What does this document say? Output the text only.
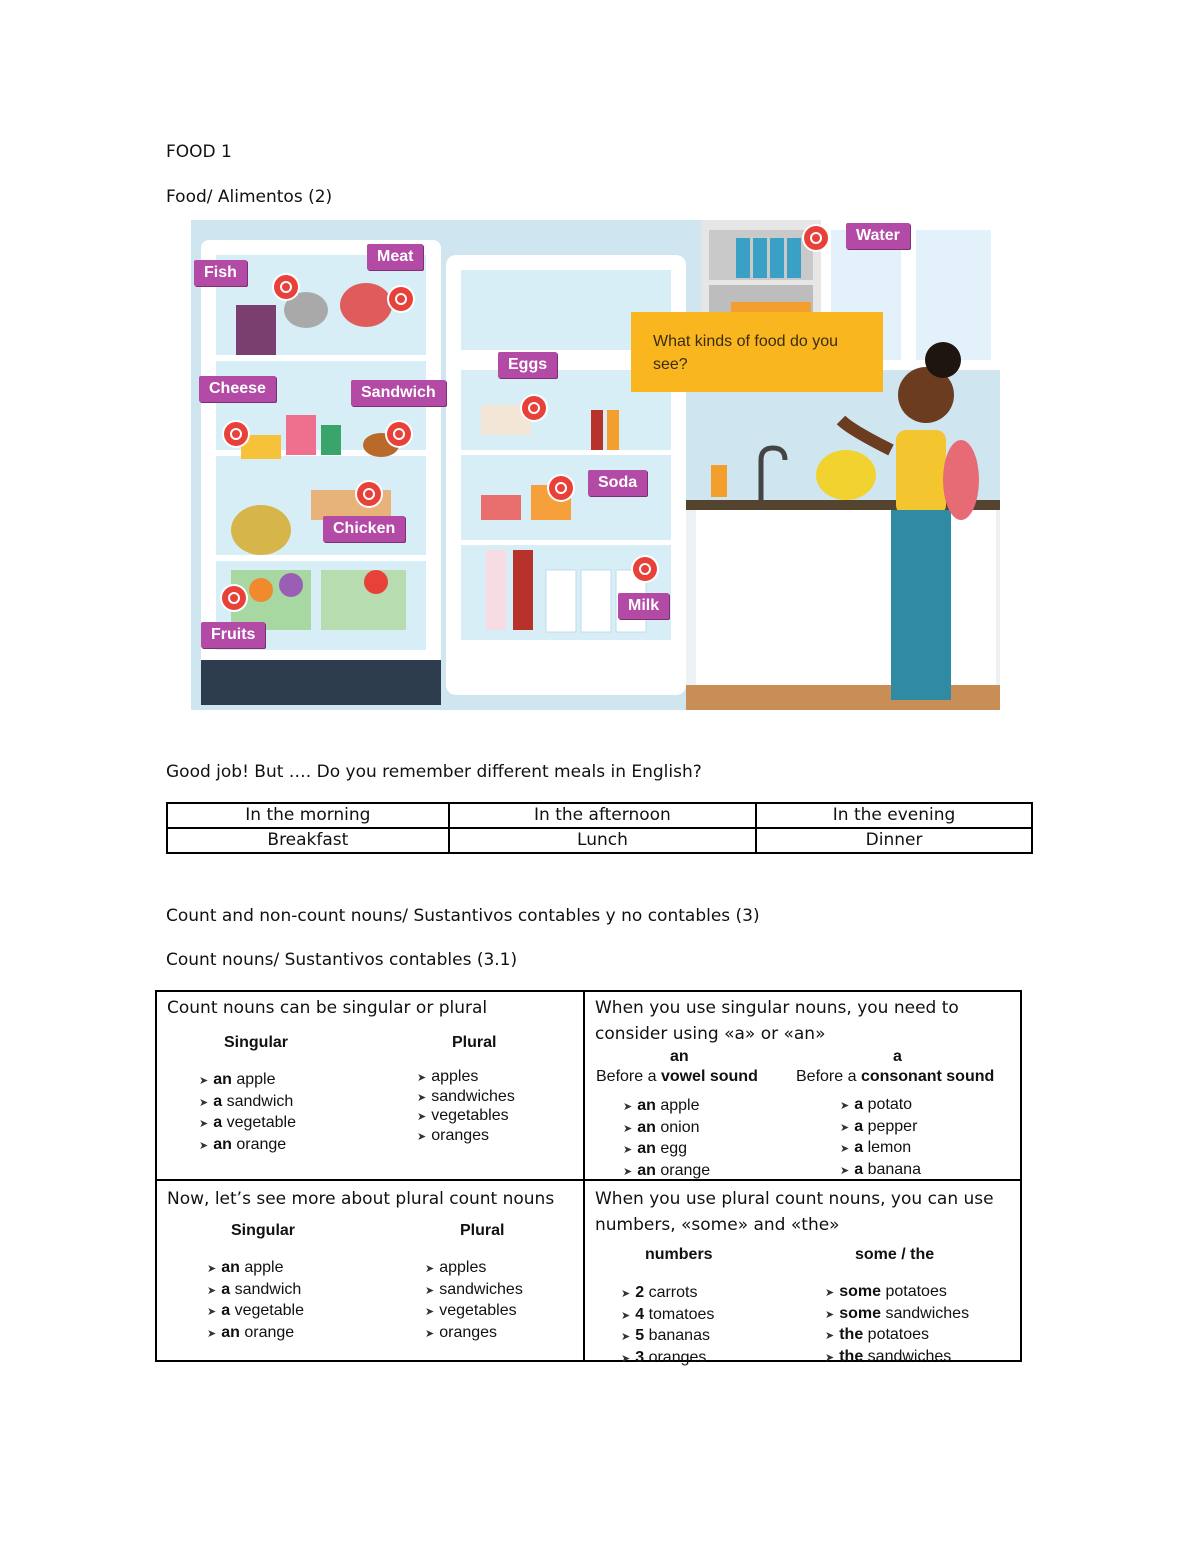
FOOD 1
Food/ Alimentos (2)
What kinds of food do you see?
Fish
Meat
Cheese	Sandwich
Eggs
Water
Soda
Chicken
Fruits
Milk
Good job! But …. Do you remember different meals in English?
In the morning	In the afternoon	In the evening
Breakfast	Lunch	Dinner
Count and non-count nouns/ Sustantivos contables y no contables (3)
Count nouns/ Sustantivos contables (3.1)
Count nouns can be singular or plural
Singular	Plural
➤ an apple
➤ a sandwich
➤ a vegetable
➤ an orange
➤ apples
➤ sandwiches
➤ vegetables
➤ oranges
When you use singular nouns, you need to consider using «a» or «an»
an	a
Before a vowel sound Before a consonant sound
➤ an apple
➤ an onion
➤ an egg
➤ an orange
➤ a potato
➤ a pepper
➤ a lemon
➤ a banana
Now, let’s see more about plural count nouns
Singular	Plural
➤ an apple
➤ a sandwich
➤ a vegetable
➤ an orange
➤ apples
➤ sandwiches
➤ vegetables
➤ oranges
When you use plural count nouns, you can use numbers, «some» and «the»
numbers	some / the
➤ 2 carrots
➤ 4 tomatoes
➤ 5 bananas
➤ 3 oranges
➤ some potatoes
➤ some sandwiches
➤ the potatoes
➤ the sandwiches
